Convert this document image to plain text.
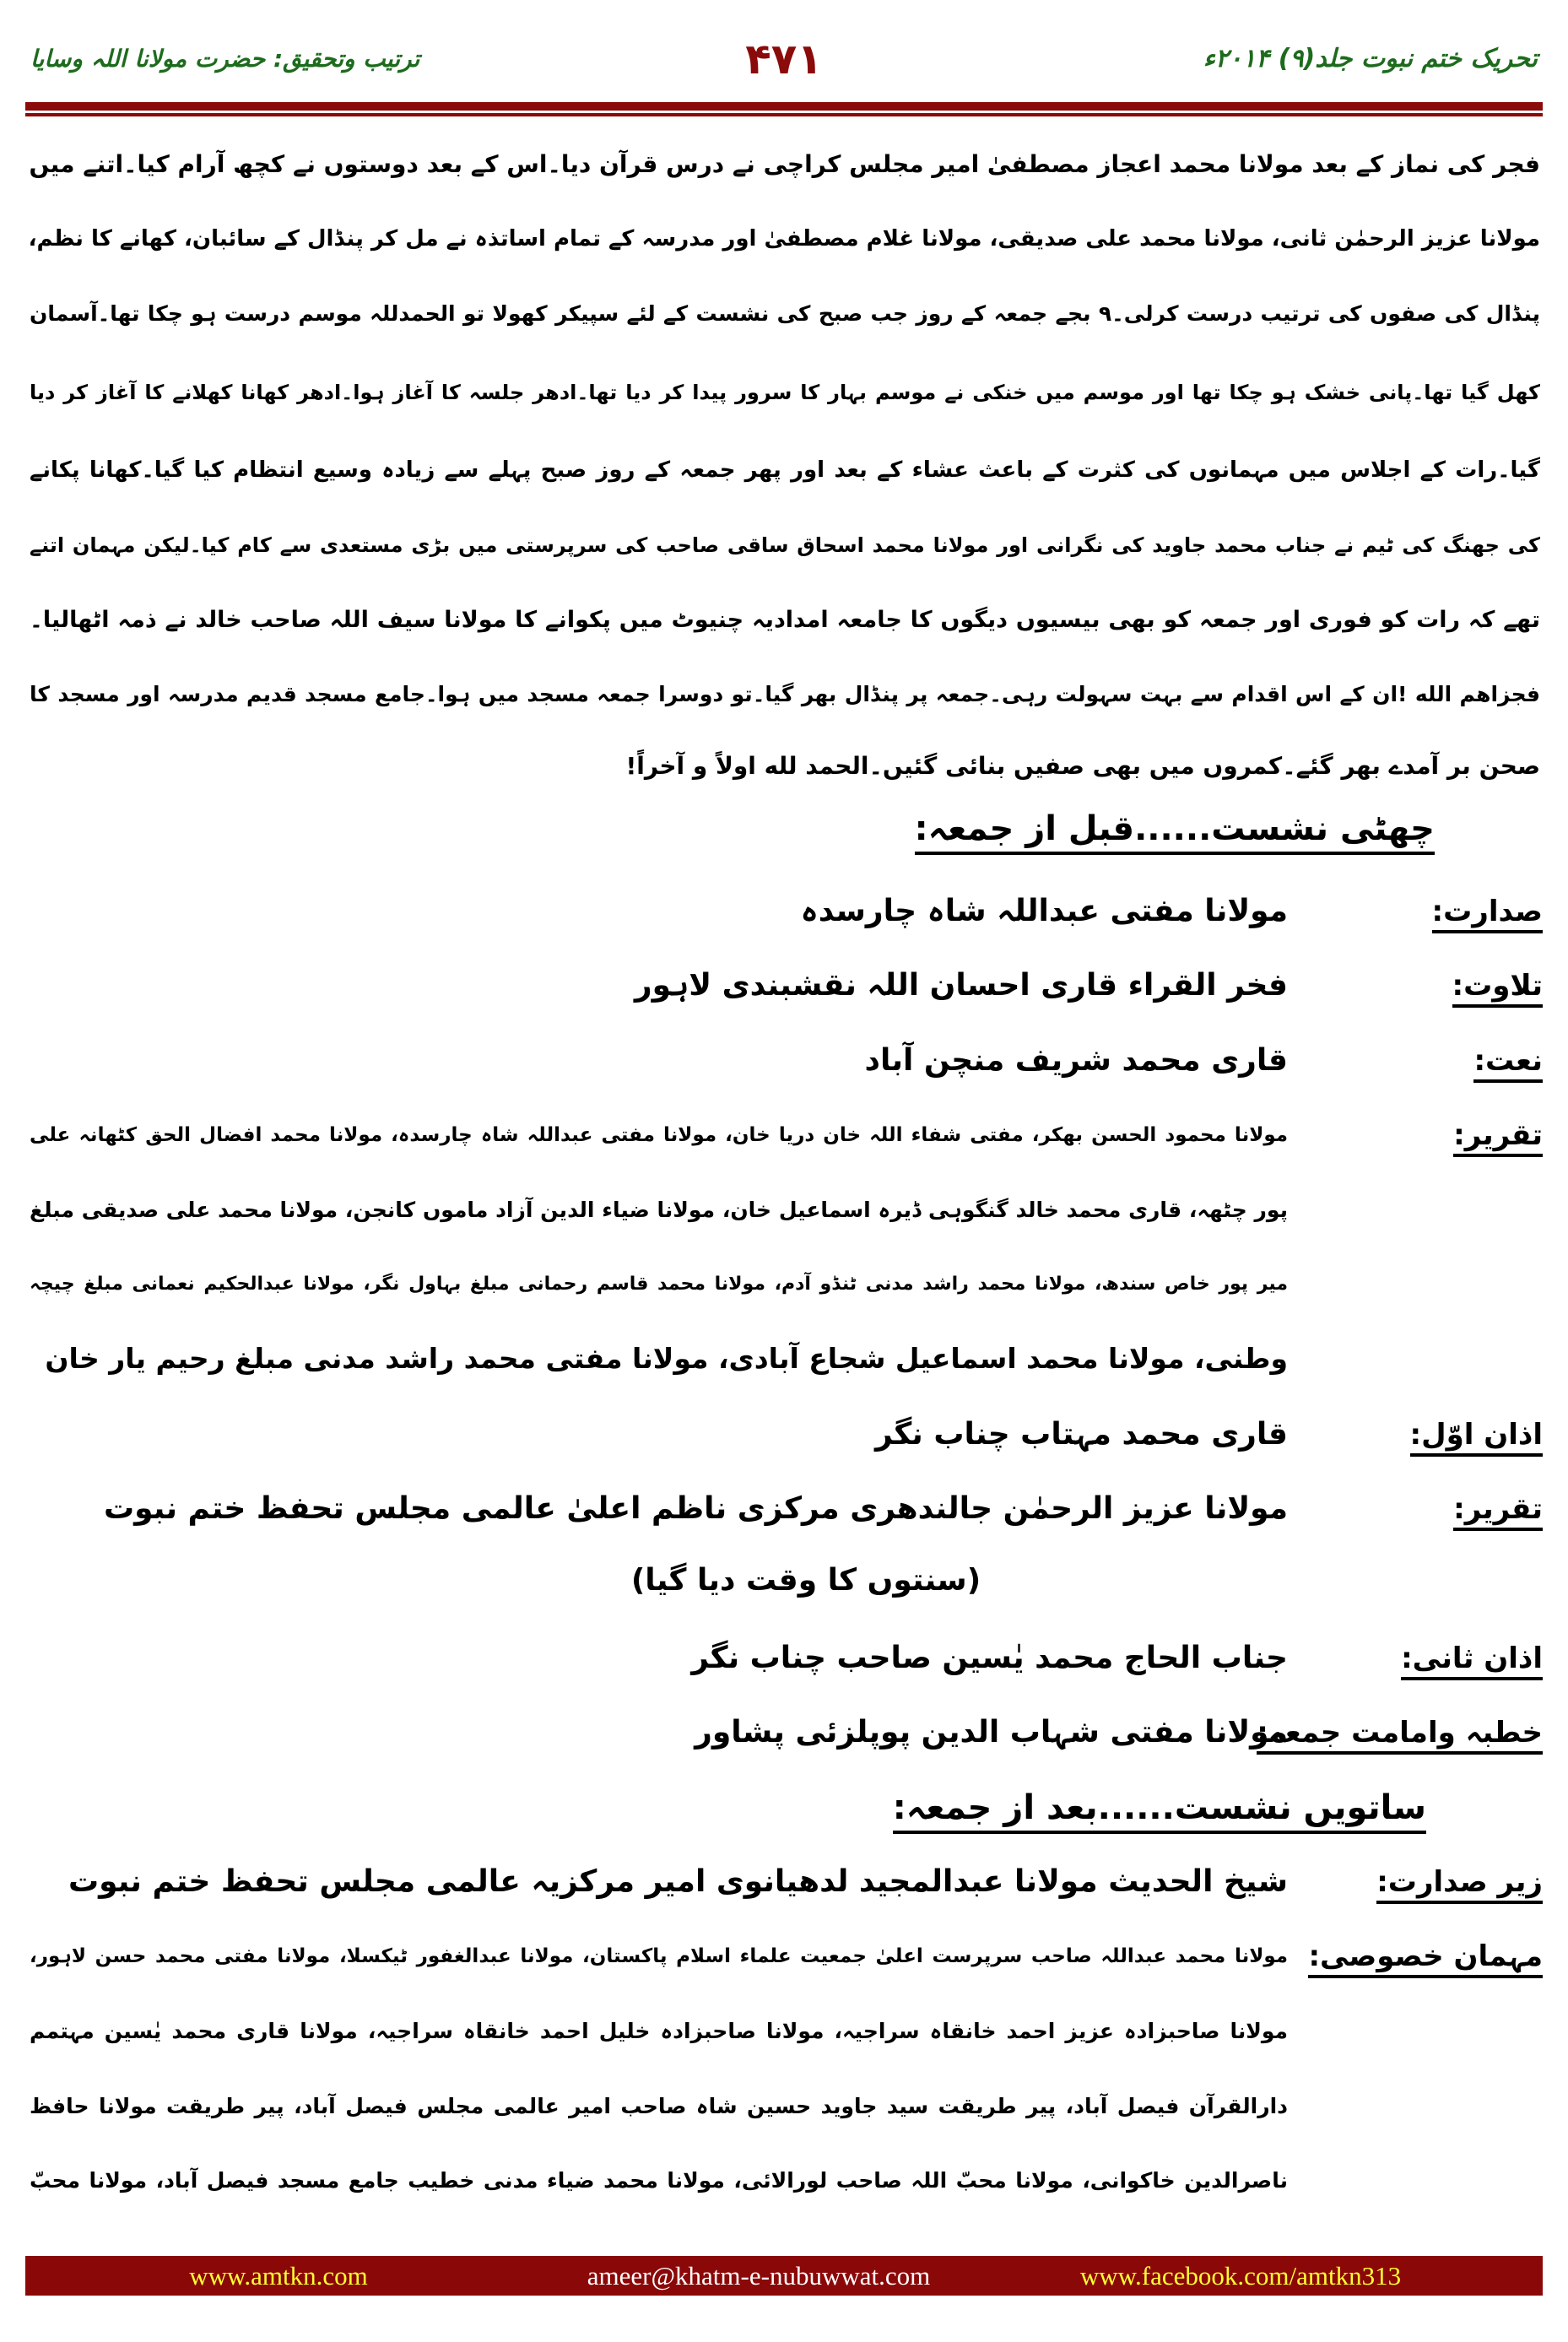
تحریک ختم نبوت جلد(۹) ۲۰۱۴ء
۴۷۱
ترتیب وتحقیق: حضرت مولانا اللہ وسایا
فجر کی نماز کے بعد مولانا محمد اعجاز مصطفیٰ امیر مجلس کراچی نے درس قرآن دیا۔اس کے بعد دوستوں نے کچھ آرام کیا۔اتنے میں
مولانا عزیز الرحمٰن ثانی، مولانا محمد علی صدیقی، مولانا غلام مصطفیٰ اور مدرسہ کے تمام اساتذہ نے مل کر پنڈال کے سائبان، کھانے کا نظم،
پنڈال کی صفوں کی ترتیب درست کرلی۔۹ بجے جمعہ کے روز جب صبح کی نشست کے لئے سپیکر کھولا تو الحمدللہ موسم درست ہو چکا تھا۔آسمان
کھل گیا تھا۔پانی خشک ہو چکا تھا اور موسم میں خنکی نے موسم بہار کا سرور پیدا کر دیا تھا۔ادھر جلسہ کا آغاز ہوا۔ادھر کھانا کھلانے کا آغاز کر دیا
گیا۔رات کے اجلاس میں مہمانوں کی کثرت کے باعث عشاء کے بعد اور پھر جمعہ کے روز صبح پہلے سے زیادہ وسیع انتظام کیا گیا۔کھانا پکانے
کی جھنگ کی ٹیم نے جناب محمد جاوید کی نگرانی اور مولانا محمد اسحاق ساقی صاحب کی سرپرستی میں بڑی مستعدی سے کام کیا۔لیکن مہمان اتنے
تھے کہ رات کو فوری اور جمعہ کو بھی بیسیوں دیگوں کا جامعہ امدادیہ چنیوٹ میں پکوانے کا مولانا سیف اللہ صاحب خالد نے ذمہ اٹھالیا۔
فجزاهم الله !ان کے اس اقدام سے بہت سہولت رہی۔جمعہ پر پنڈال بھر گیا۔تو دوسرا جمعہ مسجد میں ہوا۔جامع مسجد قدیم مدرسہ اور مسجد کا
صحن بر آمدے بھر گئے۔کمروں میں بھی صفیں بنائی گئیں۔الحمد لله اولاً و آخراً!
چھٹی نشست......قبل از جمعہ:
صدارت:
مولانا مفتی عبداللہ شاہ چارسدہ
تلاوت:
فخر القراء قاری احسان اللہ نقشبندی لاہور
نعت:
قاری محمد شریف منچن آباد
تقریر:
مولانا محمود الحسن بھکر، مفتی شفاء اللہ خان دریا خان، مولانا مفتی عبداللہ شاہ چارسدہ، مولانا محمد افضال الحق کٹھانہ علی
پور چٹھہ، قاری محمد خالد گنگوہی ڈیرہ اسماعیل خان، مولانا ضیاء الدین آزاد ماموں کانجن، مولانا محمد علی صدیقی مبلغ
میر پور خاص سندھ، مولانا محمد راشد مدنی ٹنڈو آدم، مولانا محمد قاسم رحمانی مبلغ بہاول نگر، مولانا عبدالحکیم نعمانی مبلغ چیچہ
وطنی، مولانا محمد اسماعیل شجاع آبادی، مولانا مفتی محمد راشد مدنی مبلغ رحیم یار خان
اذان اوّل:
قاری محمد مہتاب چناب نگر
تقریر:
مولانا عزیز الرحمٰن جالندھری مرکزی ناظم اعلیٰ عالمی مجلس تحفظ ختم نبوت
(سنتوں کا وقت دیا گیا)
اذان ثانی:
جناب الحاج محمد یٰسین صاحب چناب نگر
خطبہ وامامت جمعہ:
مولانا مفتی شہاب الدین پوپلزئی پشاور
ساتویں نشست......بعد از جمعہ:
زیر صدارت:
شیخ الحدیث مولانا عبدالمجید لدھیانوی امیر مرکزیہ عالمی مجلس تحفظ ختم نبوت
مہمان خصوصی:
مولانا محمد عبداللہ صاحب سرپرست اعلیٰ جمعیت علماء اسلام پاکستان، مولانا عبدالغفور ٹیکسلا، مولانا مفتی محمد حسن لاہور،
مولانا صاحبزادہ عزیز احمد خانقاہ سراجیہ، مولانا صاحبزادہ خلیل احمد خانقاہ سراجیہ، مولانا قاری محمد یٰسین مہتمم
دارالقرآن فیصل آباد، پیر طریقت سید جاوید حسین شاہ صاحب امیر عالمی مجلس فیصل آباد، پیر طریقت مولانا حافظ
ناصرالدین خاکوانی، مولانا محبّ اللہ صاحب لورالائی، مولانا محمد ضیاء مدنی خطیب جامع مسجد فیصل آباد، مولانا محبّ
www.amtkn.com	ameer@khatm-e-nubuwwat.com	www.facebook.com/amtkn313
